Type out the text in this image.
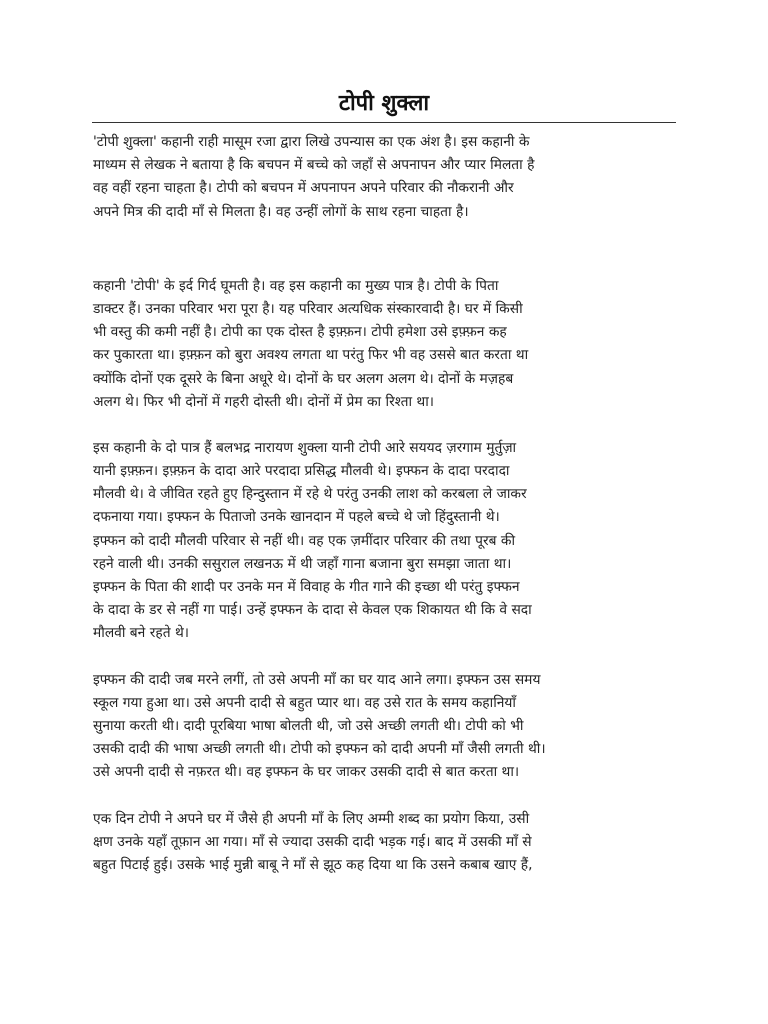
टोपी शुक्ला
'टोपी शुक्ला' कहानी राही मासूम रजा द्वारा लिखे उपन्यास का एक अंश है। इस कहानी के
माध्यम से लेखक ने बताया है कि बचपन में बच्चे को जहाँ से अपनापन और प्यार मिलता है
वह वहीं रहना चाहता है। टोपी को बचपन में अपनापन अपने परिवार की नौकरानी और
अपने मित्र की दादी माँ से मिलता है। वह उन्हीं लोगों के साथ रहना चाहता है।
कहानी 'टोपी' के इर्द गिर्द घूमती है। वह इस कहानी का मुख्य पात्र है। टोपी के पिता
डाक्टर हैं। उनका परिवार भरा पूरा है। यह परिवार अत्यधिक संस्कारवादी है। घर में किसी
भी वस्तु की कमी नहीं है। टोपी का एक दोस्त है इफ़्फ़न। टोपी हमेशा उसे इफ़्फ़न कह
कर पुकारता था। इफ़्फ़न को बुरा अवश्य लगता था परंतु फिर भी वह उससे बात करता था
क्योंकि दोनों एक दूसरे के बिना अधूरे थे। दोनों के घर अलग अलग थे। दोनों के मज़हब
अलग थे। फिर भी दोनों में गहरी दोस्ती थी। दोनों में प्रेम का रिश्ता था।
इस कहानी के दो पात्र हैं बलभद्र नारायण शुक्ला यानी टोपी आरे सययद ज़रगाम मुर्तुज़ा
यानी इफ़्फ़न। इफ़्फ़न के दादा आरे परदादा प्रसिद्ध मौलवी थे। इफ्फन के दादा परदादा
मौलवी थे। वे जीवित रहते हुए हिन्दुस्तान में रहे थे परंतु उनकी लाश को करबला ले जाकर
दफनाया गया। इफ्फन के पिताजो उनके खानदान में पहले बच्चे थे जो हिंदुस्तानी थे।
इफ्फन को दादी मौलवी परिवार से नहीं थी। वह एक ज़मींदार परिवार की तथा पूरब की
रहने वाली थी। उनकी ससुराल लखनऊ में थी जहाँ गाना बजाना बुरा समझा जाता था।
इफ्फन के पिता की शादी पर उनके मन में विवाह के गीत गाने की इच्छा थी परंतु इफ्फन
के दादा के डर से नहीं गा पाई। उन्हें इफ्फन के दादा से केवल एक शिकायत थी कि वे सदा
मौलवी बने रहते थे।
इफ्फन की दादी जब मरने लगीं, तो उसे अपनी माँ का घर याद आने लगा। इफ्फन उस समय
स्कूल गया हुआ था। उसे अपनी दादी से बहुत प्यार था। वह उसे रात के समय कहानियाँ
सुनाया करती थी। दादी पूरबिया भाषा बोलती थी, जो उसे अच्छी लगती थी। टोपी को भी
उसकी दादी की भाषा अच्छी लगती थी। टोपी को इफ्फन को दादी अपनी माँ जैसी लगती थी।
उसे अपनी दादी से नफ़रत थी। वह इफ्फन के घर जाकर उसकी दादी से बात करता था।
एक दिन टोपी ने अपने घर में जैसे ही अपनी माँ के लिए अम्मी शब्द का प्रयोग किया, उसी
क्षण उनके यहाँ तूफ़ान आ गया। माँ से ज्यादा उसकी दादी भड़क गई। बाद में उसकी माँ से
बहुत पिटाई हुई। उसके भाई मुन्नी बाबू ने माँ से झूठ कह दिया था कि उसने कबाब खाए हैं,
